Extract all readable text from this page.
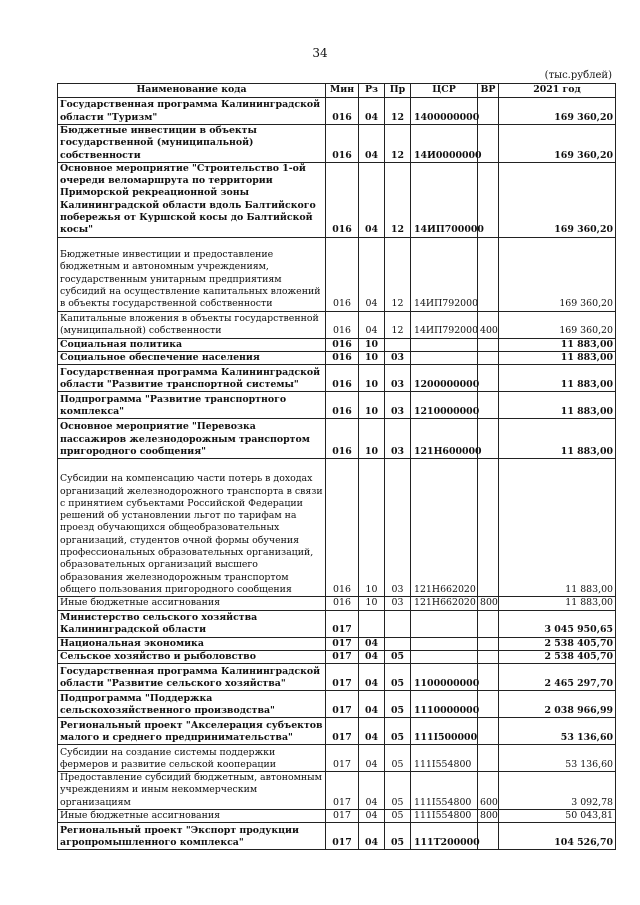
34
(тыс.рублей)
Наименование кода	Мин	Рз	Пр	ЦСР	ВР	2021 год
Государственная программа Калининградской области "Туризм"	016	04	12	1400000000		169 360,20
Бюджетные инвестиции в объекты государственной (муниципальной) собственности	016	04	12	14И0000000		169 360,20
Основное мероприятие "Строительство 1-ой очереди веломаршрута по территории Приморской рекреационной зоны Калининградской области вдоль Балтийского побережья от Куршской косы до Балтийской косы"	016	04	12	14ИП700000		169 360,20
Бюджетные инвестиции и предоставление бюджетным и автономным учреждениям, государственным унитарным предприятиям субсидий на осуществление капитальных вложений в объекты государственной собственности	016	04	12	14ИП792000		169 360,20
Капитальные вложения в объекты государственной (муниципальной) собственности	016	04	12	14ИП792000	400	169 360,20
Социальная политика	016	10				11 883,00
Социальное обеспечение населения	016	10	03			11 883,00
Государственная программа Калининградской области "Развитие транспортной системы"	016	10	03	1200000000		11 883,00
Подпрограмма "Развитие транспортного комплекса"	016	10	03	1210000000		11 883,00
Основное мероприятие "Перевозка пассажиров железнодорожным транспортом пригородного сообщения"	016	10	03	121Н600000		11 883,00
Субсидии на компенсацию части потерь в доходах организаций железнодорожного транспорта в связи с принятием субъектами Российской Федерации решений об установлении льгот по тарифам на проезд обучающихся общеобразовательных организаций, студентов очной формы обучения профессиональных образовательных организаций, образовательных организаций высшего образования железнодорожным транспортом общего пользования пригородного сообщения	016	10	03	121Н662020		11 883,00
Иные бюджетные ассигнования	016	10	03	121Н662020	800	11 883,00
Министерство сельского хозяйства Калининградской области	017					3 045 950,65
Национальная экономика	017	04				2 538 405,70
Сельское хозяйство и рыболовство	017	04	05			2 538 405,70
Государственная программа Калининградской области "Развитие сельского хозяйства"	017	04	05	1100000000		2 465 297,70
Подпрограмма "Поддержка сельскохозяйственного производства"	017	04	05	1110000000		2 038 966,99
Региональный проект "Акселерация субъектов малого и среднего предпринимательства"	017	04	05	111I500000		53 136,60
Субсидии на создание системы поддержки фермеров и развитие сельской кооперации	017	04	05	111I554800		53 136,60
Предоставление субсидий бюджетным, автономным учреждениям и иным некоммерческим организациям	017	04	05	111I554800	600	3 092,78
Иные бюджетные ассигнования	017	04	05	111I554800	800	50 043,81
Региональный проект "Экспорт продукции агропромышленного комплекса"	017	04	05	111T200000		104 526,70
